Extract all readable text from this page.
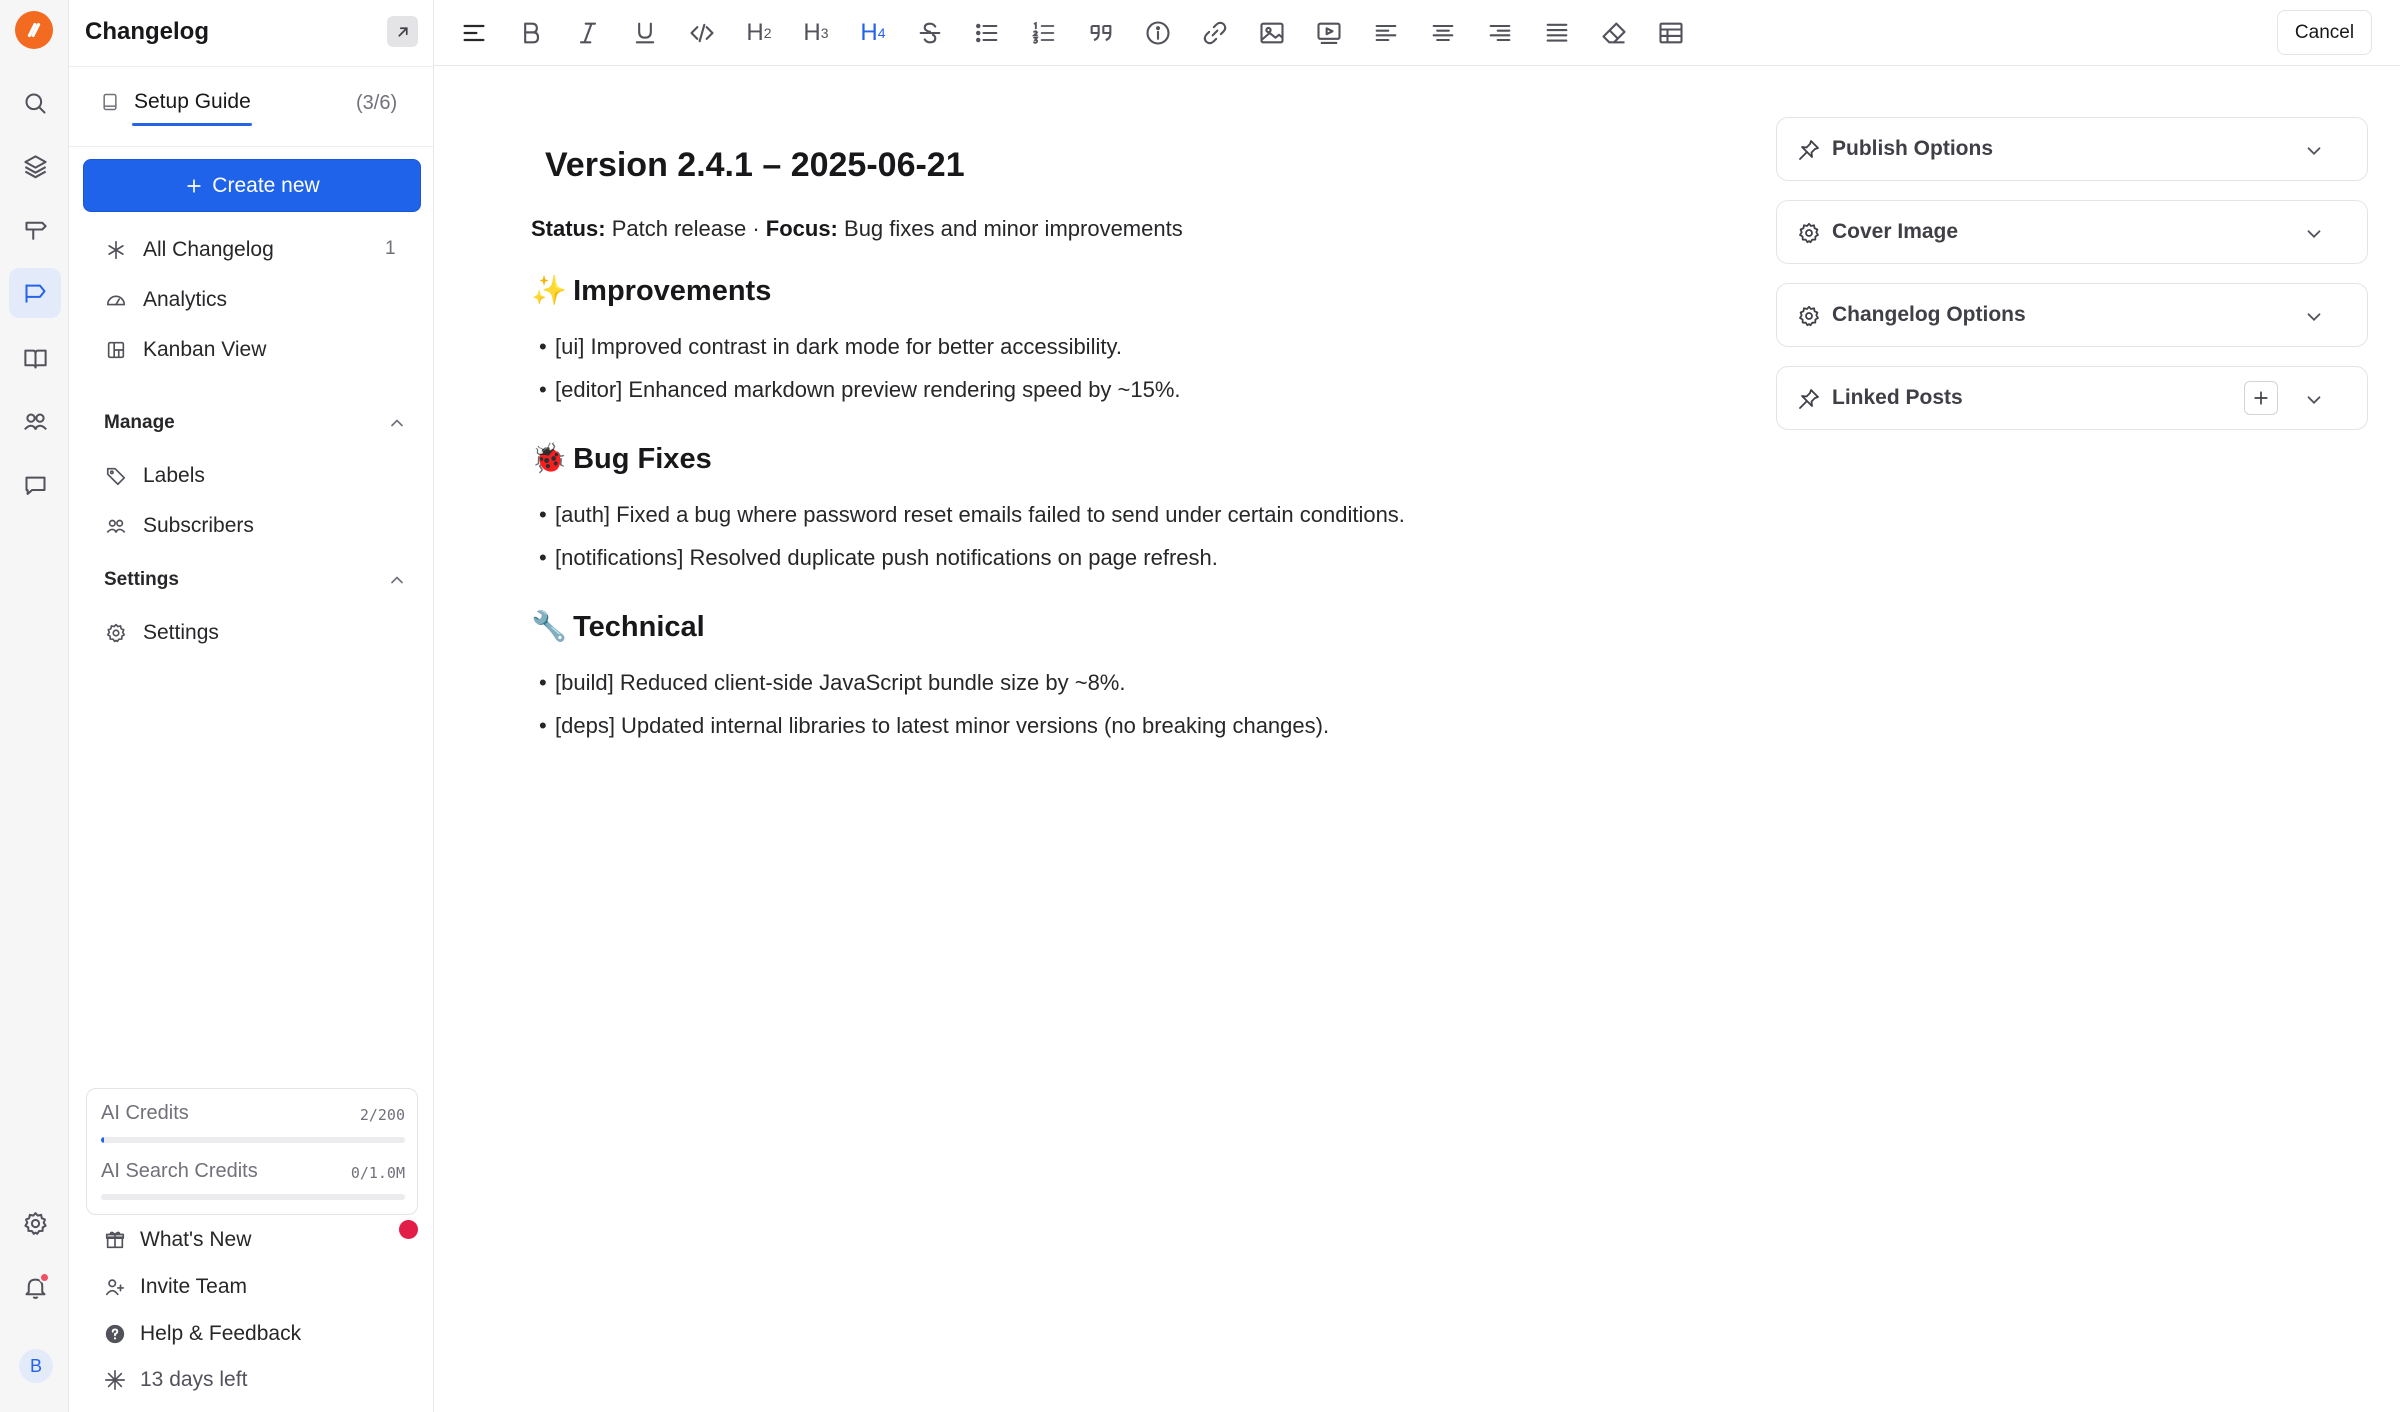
B
Changelog
Setup Guide	(3/6)
Create new
All Changelog	1
Analytics
Kanban View
Manage
Labels
Subscribers
Settings
Settings
AI Credits	2/200
AI Search Credits	0/1.0M
What's New
Invite Team
Help & Feedback
13 days left
H 2 H 3 H 4	Cancel
Version 2.4.1 – 2025-06-21
Status: Patch release · Focus: Bug fixes and minor improvements
✨ Improvements
• [ui] Improved contrast in dark mode for better accessibility.
• [editor] Enhanced markdown preview rendering speed by ~15%.
🐞 Bug Fixes
• [auth] Fixed a bug where password reset emails failed to send under certain conditions.
• [notifications] Resolved duplicate push notifications on page refresh.
🔧 Technical
• [build] Reduced client-side JavaScript bundle size by ~8%.
• [deps] Updated internal libraries to latest minor versions (no breaking changes).
Publish Options
Cover Image
Changelog Options
Linked Posts
